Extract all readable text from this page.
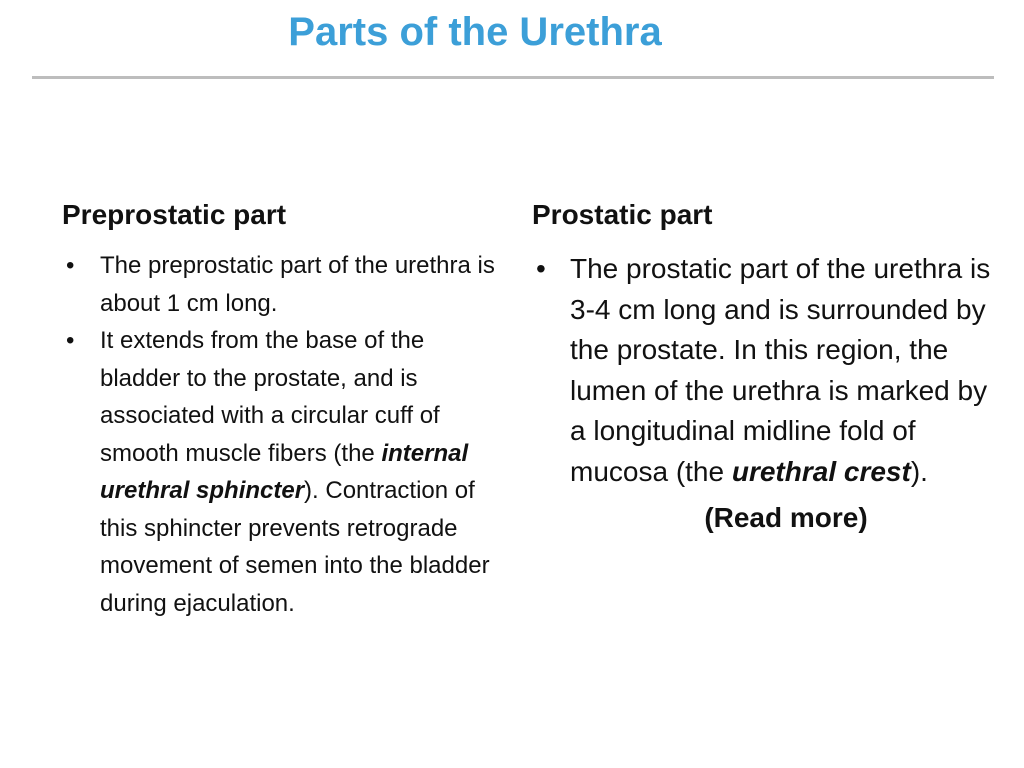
Parts of the Urethra
Preprostatic part
• The preprostatic part of the urethra is about 1 cm long.
• It extends from the base of the bladder to the prostate, and is associated with a circular cuff of smooth muscle fibers (the internal urethral sphincter). Contraction of this sphincter prevents retrograde movement of semen into the bladder during ejaculation.
Prostatic part
• The prostatic part of the urethra is 3-4 cm long and is surrounded by the prostate. In this region, the lumen of the urethra is marked by a longitudinal midline fold of mucosa (the urethral crest).
(Read more)
